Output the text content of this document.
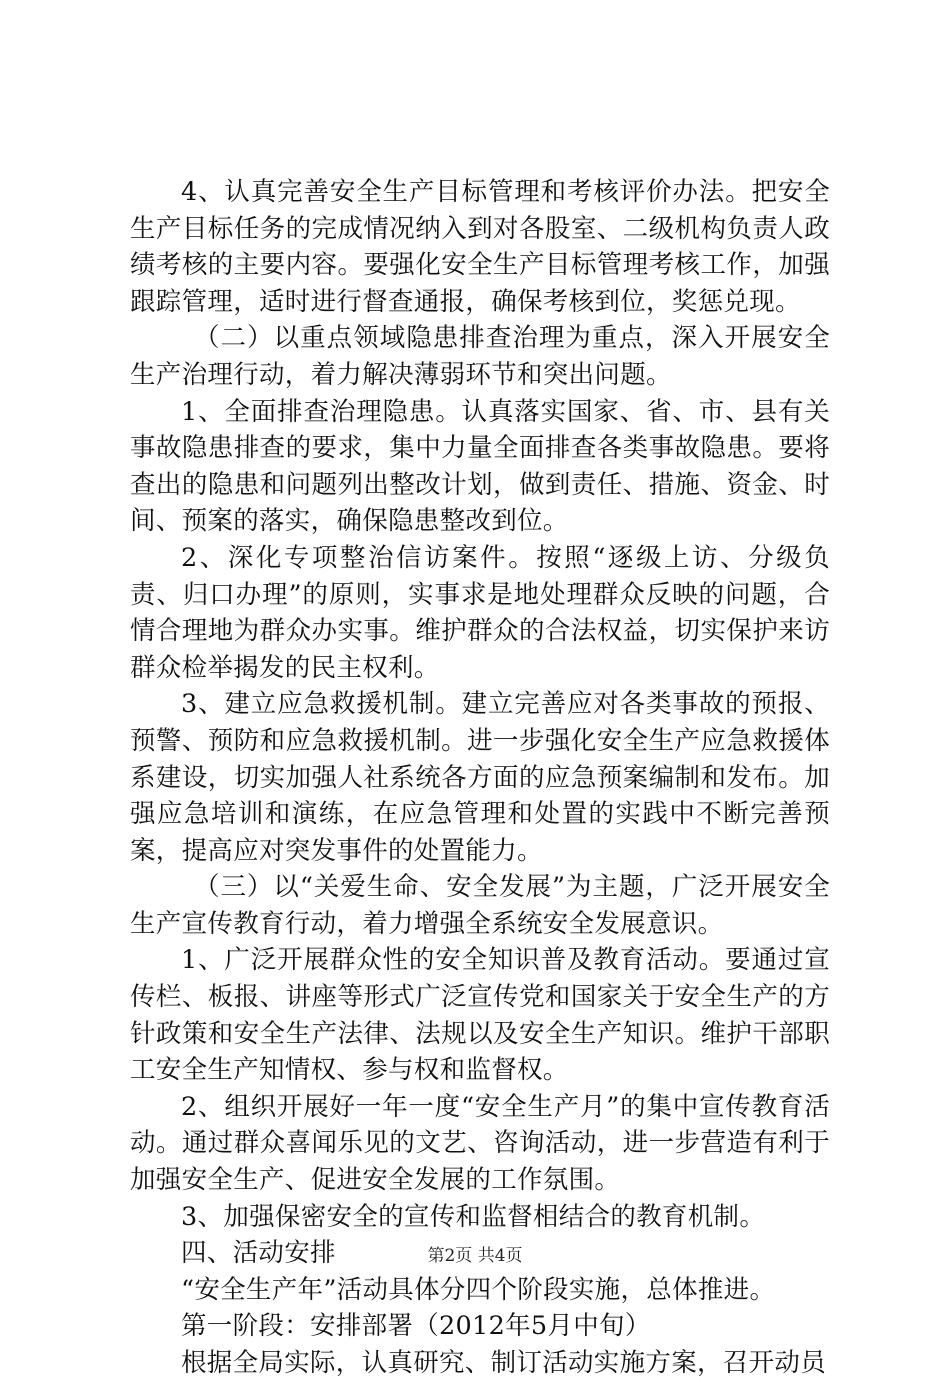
4、认真完善安全生产目标管理和考核评价办法。把安全生产目标任务的完成情况纳入到对各股室、二级机构负责人政绩考核的主要内容。要强化安全生产目标管理考核工作，加强跟踪管理，适时进行督查通报，确保考核到位，奖惩兑现。

（二）以重点领域隐患排查治理为重点，深入开展安全生产治理行动，着力解决薄弱环节和突出问题。

1、全面排查治理隐患。认真落实国家、省、市、县有关事故隐患排查的要求，集中力量全面排查各类事故隐患。要将查出的隐患和问题列出整改计划，做到责任、措施、资金、时间、预案的落实，确保隐患整改到位。

2、深化专项整治信访案件。按照“逐级上访、分级负责、归口办理”的原则，实事求是地处理群众反映的问题，合情合理地为群众办实事。维护群众的合法权益，切实保护来访群众检举揭发的民主权利。

3、建立应急救援机制。建立完善应对各类事故的预报、预警、预防和应急救援机制。进一步强化安全生产应急救援体系建设，切实加强人社系统各方面的应急预案编制和发布。加强应急培训和演练，在应急管理和处置的实践中不断完善预案，提高应对突发事件的处置能力。

（三）以“关爱生命、安全发展”为主题，广泛开展安全生产宣传教育行动，着力增强全系统安全发展意识。

1、广泛开展群众性的安全知识普及教育活动。要通过宣传栏、板报、讲座等形式广泛宣传党和国家关于安全生产的方针政策和安全生产法律、法规以及安全生产知识。维护干部职工安全生产知情权、参与权和监督权。

2、组织开展好一年一度“安全生产月”的集中宣传教育活动。通过群众喜闻乐见的文艺、咨询活动，进一步营造有利于加强安全生产、促进安全发展的工作氛围。

3、加强保密安全的宣传和监督相结合的教育机制。

四、活动安排

“安全生产年”活动具体分四个阶段实施，总体推进。

第一阶段：安排部署（2012年5月中旬）

根据全局实际，认真研究、制订活动实施方案，召开动员

第2页 共4页
